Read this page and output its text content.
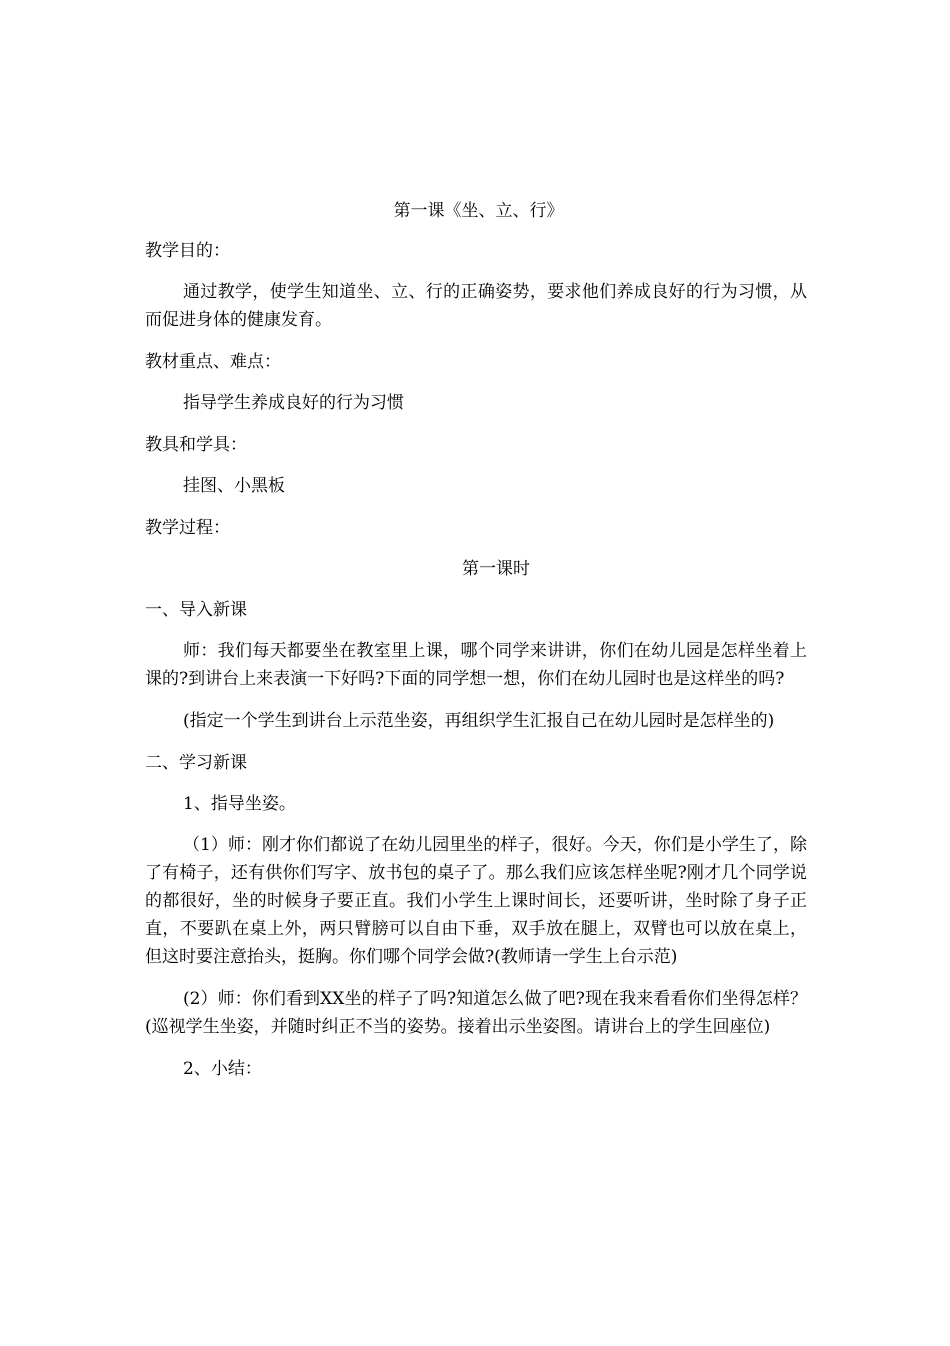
第一课《坐、立、行》
教学目的：
通过教学，使学生知道坐、立、行的正确姿势，要求他们养成良好的行为习惯，从而促进身体的健康发育。
教材重点、难点：
指导学生养成良好的行为习惯
教具和学具：
挂图、小黑板
教学过程：
第一课时
一、导入新课
师：我们每天都要坐在教室里上课，哪个同学来讲讲，你们在幼儿园是怎样坐着上课的?到讲台上来表演一下好吗?下面的同学想一想，你们在幼儿园时也是这样坐的吗?
(指定一个学生到讲台上示范坐姿，再组织学生汇报自己在幼儿园时是怎样坐的)
二、学习新课
1、指导坐姿。
（1）师：刚才你们都说了在幼儿园里坐的样子，很好。今天，你们是小学生了，除了有椅子，还有供你们写字、放书包的桌子了。那么我们应该怎样坐呢?刚才几个同学说的都很好，坐的时候身子要正直。我们小学生上课时间长，还要听讲，坐时除了身子正直，不要趴在桌上外，两只臂膀可以自由下垂，双手放在腿上，双臂也可以放在桌上，但这时要注意抬头，挺胸。你们哪个同学会做?(教师请一学生上台示范)
(2）师：你们看到XX坐的样子了吗?知道怎么做了吧?现在我来看看你们坐得怎样？(巡视学生坐姿，并随时纠正不当的姿势。接着出示坐姿图。请讲台上的学生回座位)
2、小结：
